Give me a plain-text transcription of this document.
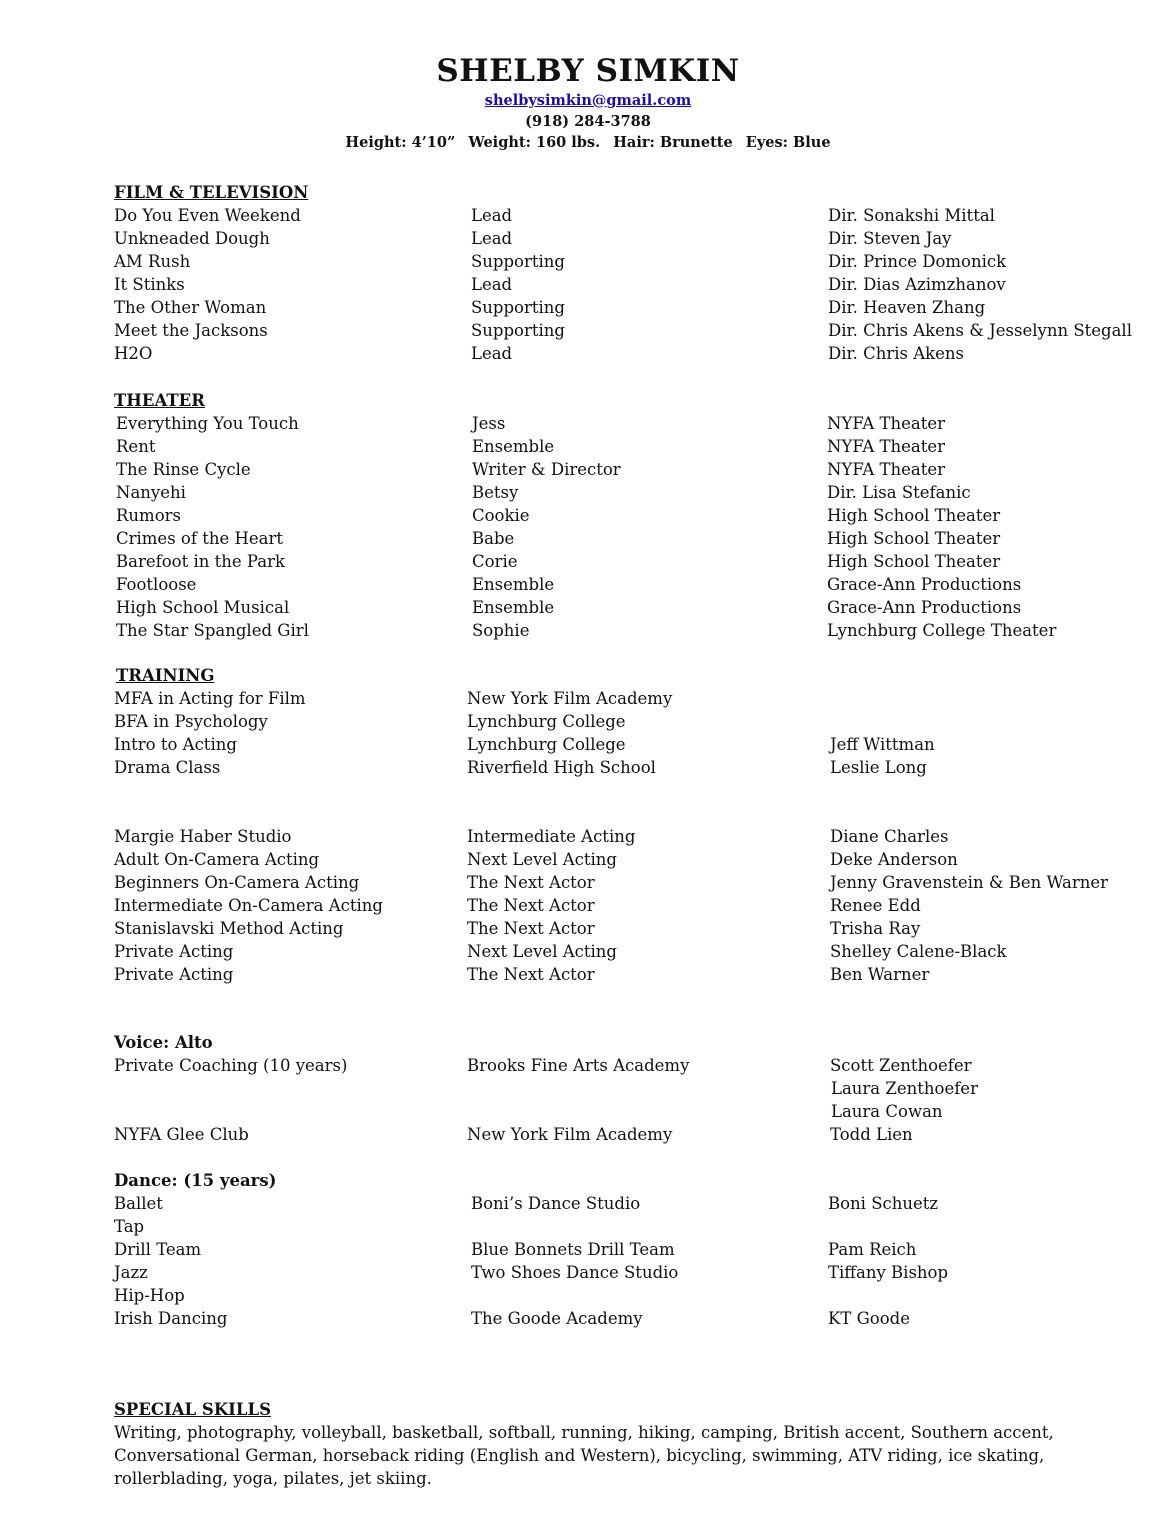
SHELBY SIMKIN
shelbysimkin@gmail.com
(918) 284-3788
Height: 4’10” Weight: 160 lbs. Hair: Brunette Eyes: Blue
FILM & TELEVISION
Do You Even Weekend	Lead	Dir. Sonakshi Mittal
Unkneaded Dough	Lead	Dir. Steven Jay
AM Rush	Supporting	Dir. Prince Domonick
It Stinks	Lead	Dir. Dias Azimzhanov
The Other Woman	Supporting	Dir. Heaven Zhang
Meet the Jacksons	Supporting	Dir. Chris Akens & Jesselynn Stegall
H2O	Lead	Dir. Chris Akens
THEATER
Everything You Touch	Jess	NYFA Theater
Rent	Ensemble	NYFA Theater
The Rinse Cycle	Writer & Director	NYFA Theater
Nanyehi	Betsy	Dir. Lisa Stefanic
Rumors	Cookie	High School Theater
Crimes of the Heart	Babe	High School Theater
Barefoot in the Park	Corie	High School Theater
Footloose	Ensemble	Grace-Ann Productions
High School Musical	Ensemble	Grace-Ann Productions
The Star Spangled Girl	Sophie	Lynchburg College Theater
TRAINING
MFA in Acting for Film	New York Film Academy
BFA in Psychology	Lynchburg College
Intro to Acting	Lynchburg College	Jeff Wittman
Drama Class	Riverfield High School	Leslie Long
Margie Haber Studio	Intermediate Acting	Diane Charles
Adult On-Camera Acting	Next Level Acting	Deke Anderson
Beginners On-Camera Acting	The Next Actor	Jenny Gravenstein & Ben Warner
Intermediate On-Camera Acting	The Next Actor	Renee Edd
Stanislavski Method Acting	The Next Actor	Trisha Ray
Private Acting	Next Level Acting	Shelley Calene-Black
Private Acting	The Next Actor	Ben Warner
Voice: Alto
Private Coaching (10 years)	Brooks Fine Arts Academy	Scott Zenthoefer
Laura Zenthoefer
Laura Cowan
NYFA Glee Club	New York Film Academy	Todd Lien
Dance: (15 years)
Ballet	Boni’s Dance Studio	Boni Schuetz
Tap
Drill Team	Blue Bonnets Drill Team	Pam Reich
Jazz	Two Shoes Dance Studio	Tiffany Bishop
Hip-Hop
Irish Dancing	The Goode Academy	KT Goode
SPECIAL SKILLS
Writing, photography, volleyball, basketball, softball, running, hiking, camping, British accent, Southern accent,
Conversational German, horseback riding (English and Western), bicycling, swimming, ATV riding, ice skating,
rollerblading, yoga, pilates, jet skiing.
